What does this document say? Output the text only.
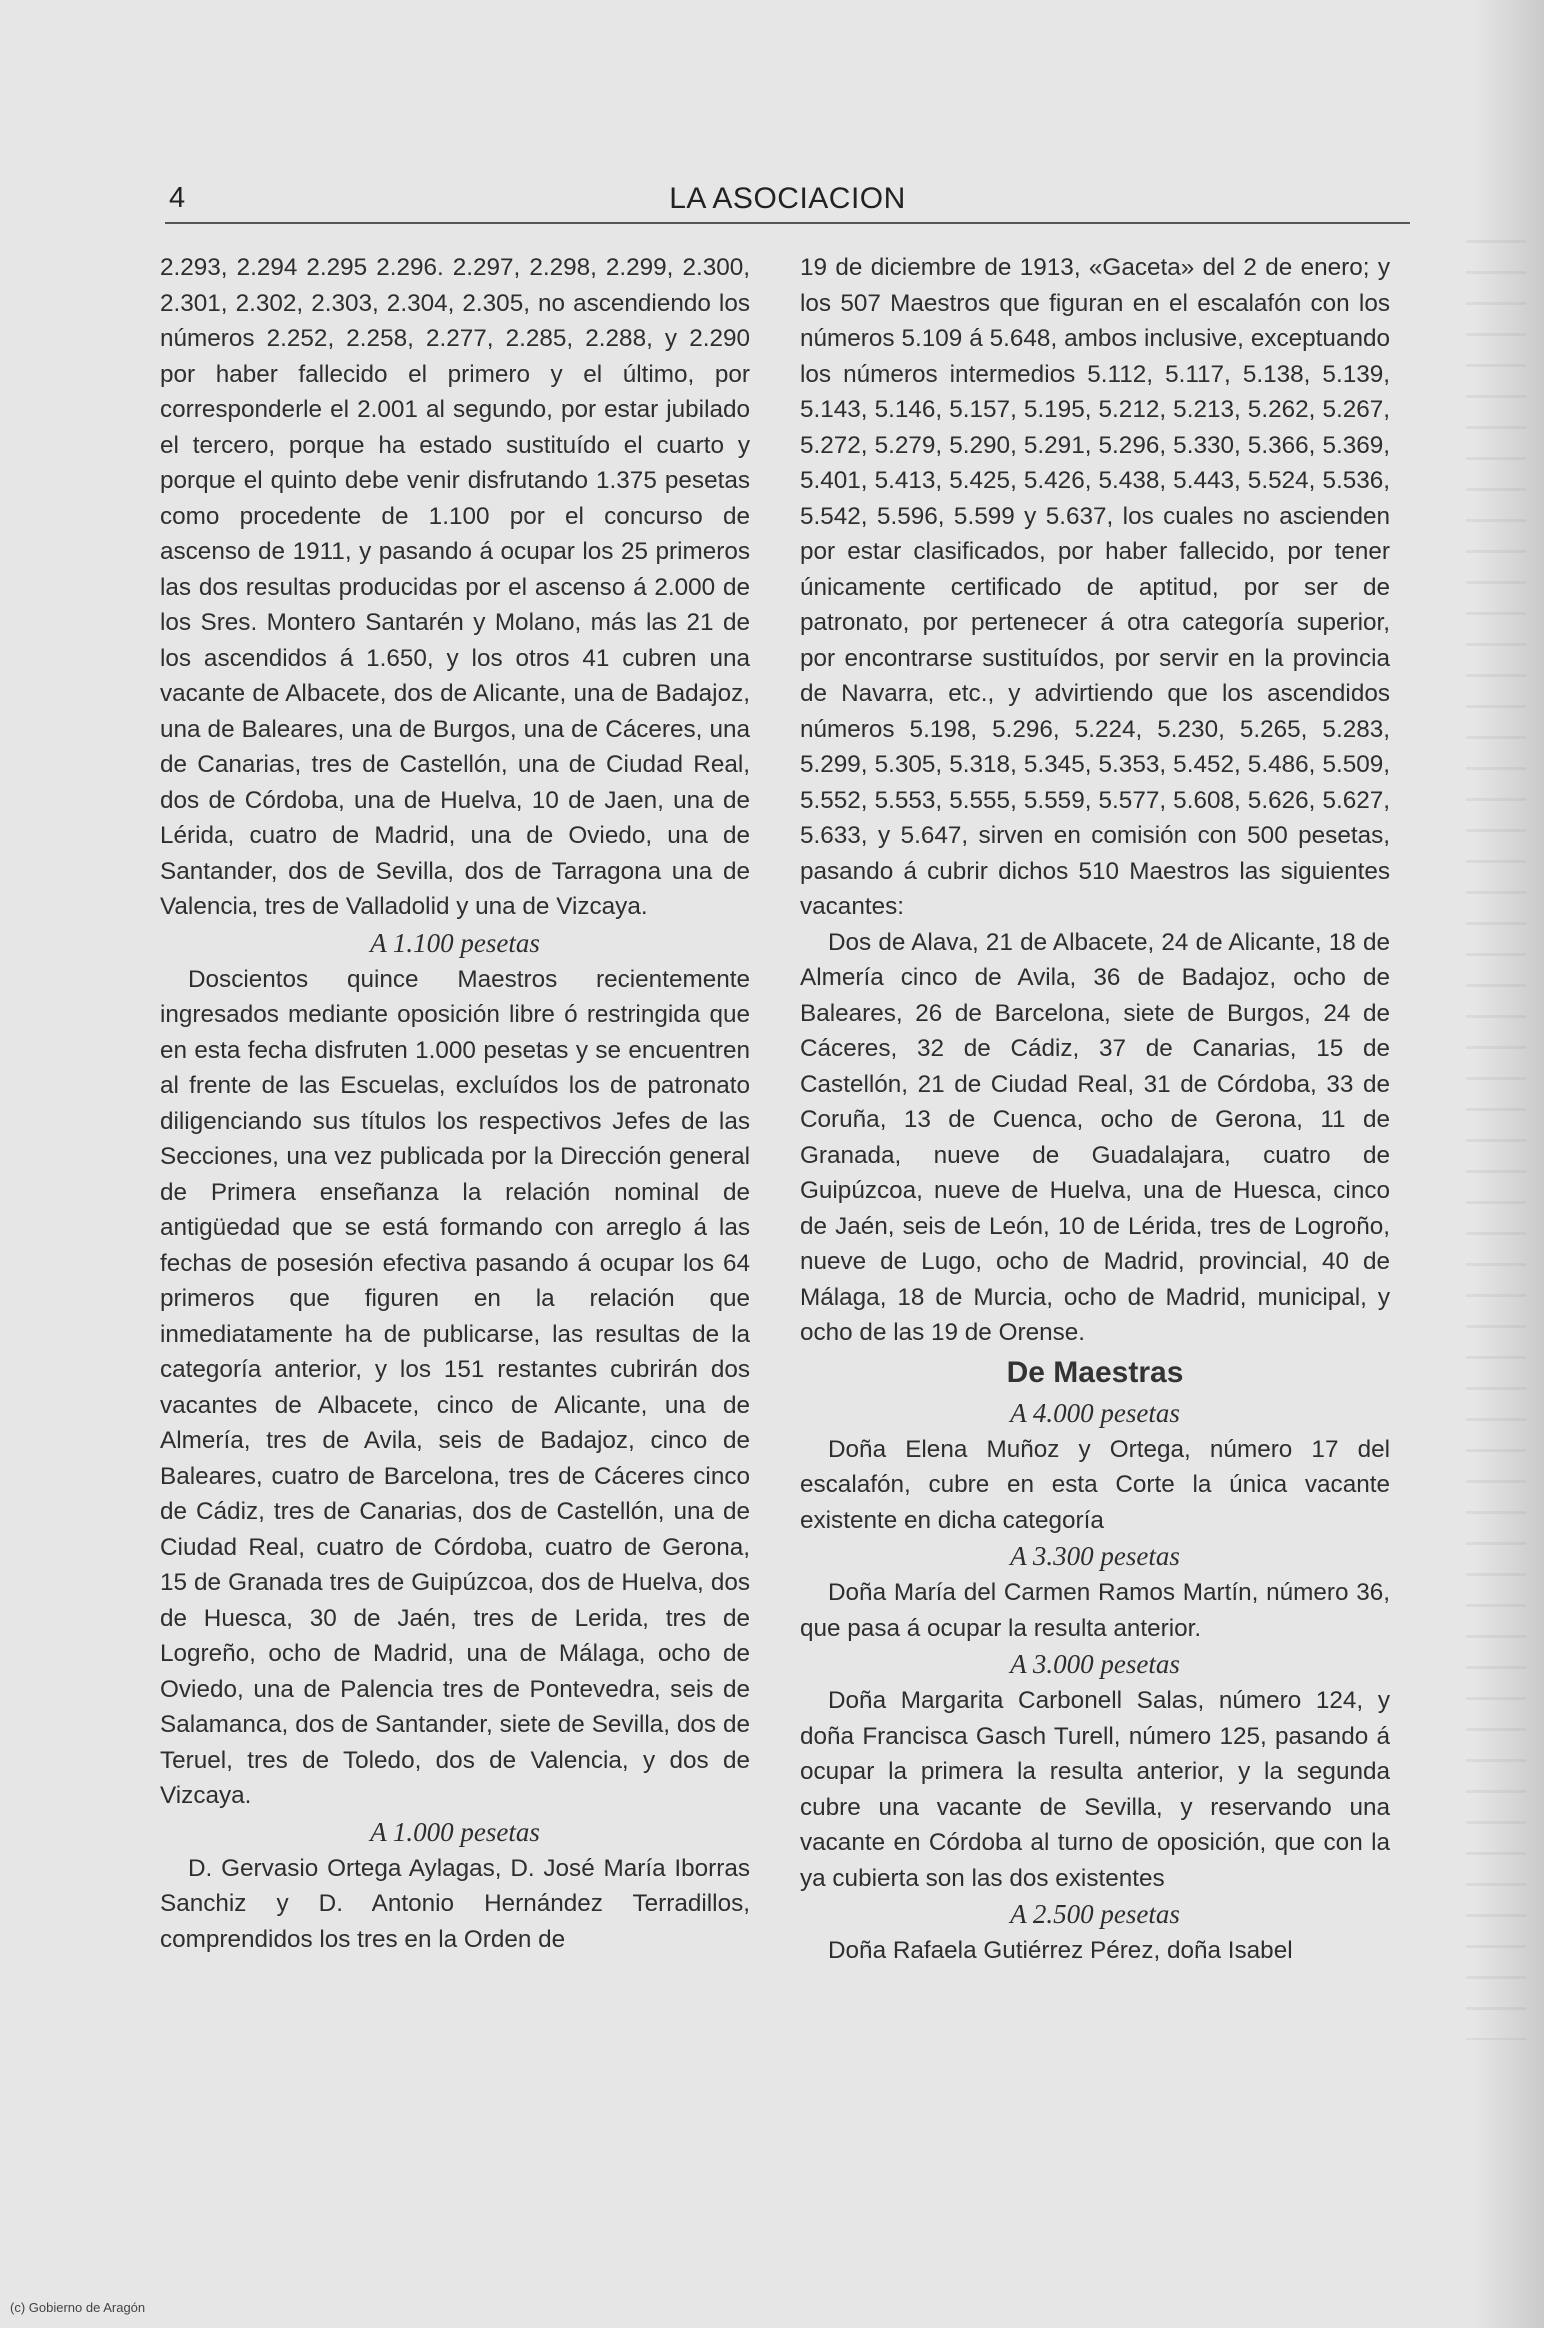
4	LA ASOCIACION

2.293, 2.294 2.295 2.296. 2.297, 2.298, 2.299, 2.300, 2.301, 2.302, 2.303, 2.304, 2.305, no ascendiendo los números 2.252, 2.258, 2.277, 2.285, 2.288, y 2.290 por haber fallecido el primero y el último, por corresponderle el 2.001 al segundo, por estar jubilado el tercero, porque ha estado sustituído el cuarto y porque el quinto debe venir disfrutando 1.375 pesetas como procedente de 1.100 por el concurso de ascenso de 1911, y pasando á ocupar los 25 primeros las dos resultas producidas por el ascenso á 2.000 de los Sres. Montero Santarén y Molano, más las 21 de los ascendidos á 1.650, y los otros 41 cubren una vacante de Albacete, dos de Alicante, una de Badajoz, una de Baleares, una de Burgos, una de Cáceres, una de Canarias, tres de Castellón, una de Ciudad Real, dos de Córdoba, una de Huelva, 10 de Jaen, una de Lérida, cuatro de Madrid, una de Oviedo, una de Santander, dos de Sevilla, dos de Tarragona una de Valencia, tres de Valladolid y una de Vizcaya.

A 1.100 pesetas

Doscientos quince Maestros recientemente ingresados mediante oposición libre ó restringida que en esta fecha disfruten 1.000 pesetas y se encuentren al frente de las Escuelas, excluídos los de patronato diligenciando sus títulos los respectivos Jefes de las Secciones, una vez publicada por la Dirección general de Primera enseñanza la relación nominal de antigüedad que se está formando con arreglo á las fechas de posesión efectiva pasando á ocupar los 64 primeros que figuren en la relación que inmediatamente ha de publicarse, las resultas de la categoría anterior, y los 151 restantes cubrirán dos vacantes de Albacete, cinco de Alicante, una de Almería, tres de Avila, seis de Badajoz, cinco de Baleares, cuatro de Barcelona, tres de Cáceres cinco de Cádiz, tres de Canarias, dos de Castellón, una de Ciudad Real, cuatro de Córdoba, cuatro de Gerona, 15 de Granada tres de Guipúzcoa, dos de Huelva, dos de Huesca, 30 de Jaén, tres de Lerida, tres de Logreño, ocho de Madrid, una de Málaga, ocho de Oviedo, una de Palencia tres de Pontevedra, seis de Salamanca, dos de Santander, siete de Sevilla, dos de Teruel, tres de Toledo, dos de Valencia, y dos de Vizcaya.

A 1.000 pesetas

D. Gervasio Ortega Aylagas, D. José María Iborras Sanchiz y D. Antonio Hernández Terradillos, comprendidos los tres en la Orden de

19 de diciembre de 1913, «Gaceta» del 2 de enero; y los 507 Maestros que figuran en el escalafón con los números 5.109 á 5.648, ambos inclusive, exceptuando los números intermedios 5.112, 5.117, 5.138, 5.139, 5.143, 5.146, 5.157, 5.195, 5.212, 5.213, 5.262, 5.267, 5.272, 5.279, 5.290, 5.291, 5.296, 5.330, 5.366, 5.369, 5.401, 5.413, 5.425, 5.426, 5.438, 5.443, 5.524, 5.536, 5.542, 5.596, 5.599 y 5.637, los cuales no ascienden por estar clasificados, por haber fallecido, por tener únicamente certificado de aptitud, por ser de patronato, por pertenecer á otra categoría superior, por encontrarse sustituídos, por servir en la provincia de Navarra, etc., y advirtiendo que los ascendidos números 5.198, 5.296, 5.224, 5.230, 5.265, 5.283, 5.299, 5.305, 5.318, 5.345, 5.353, 5.452, 5.486, 5.509, 5.552, 5.553, 5.555, 5.559, 5.577, 5.608, 5.626, 5.627, 5.633, y 5.647, sirven en comisión con 500 pesetas, pasando á cubrir dichos 510 Maestros las siguientes vacantes:

Dos de Alava, 21 de Albacete, 24 de Alicante, 18 de Almería cinco de Avila, 36 de Badajoz, ocho de Baleares, 26 de Barcelona, siete de Burgos, 24 de Cáceres, 32 de Cádiz, 37 de Canarias, 15 de Castellón, 21 de Ciudad Real, 31 de Córdoba, 33 de Coruña, 13 de Cuenca, ocho de Gerona, 11 de Granada, nueve de Guadalajara, cuatro de Guipúzcoa, nueve de Huelva, una de Huesca, cinco de Jaén, seis de León, 10 de Lérida, tres de Logroño, nueve de Lugo, ocho de Madrid, provincial, 40 de Málaga, 18 de Murcia, ocho de Madrid, municipal, y ocho de las 19 de Orense.

De Maestras
A 4.000 pesetas

Doña Elena Muñoz y Ortega, número 17 del escalafón, cubre en esta Corte la única vacante existente en dicha categoría

A 3.300 pesetas

Doña María del Carmen Ramos Martín, número 36, que pasa á ocupar la resulta anterior.

A 3.000 pesetas

Doña Margarita Carbonell Salas, número 124, y doña Francisca Gasch Turell, número 125, pasando á ocupar la primera la resulta anterior, y la segunda cubre una vacante de Sevilla, y reservando una vacante en Córdoba al turno de oposición, que con la ya cubierta son las dos existentes

A 2.500 pesetas

Doña Rafaela Gutiérrez Pérez, doña Isabel

(c) Gobierno de Aragón
